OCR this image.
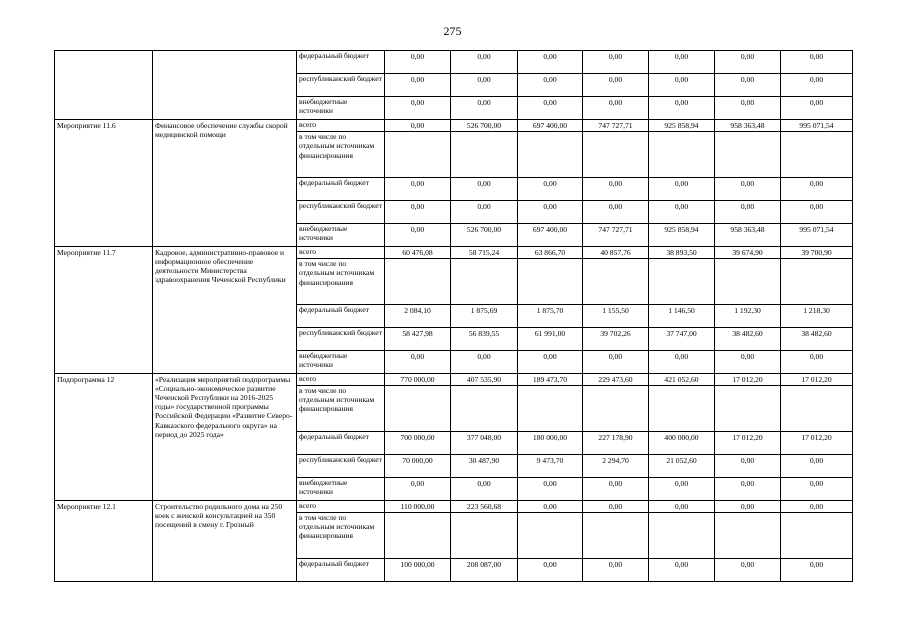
275
		федеральный бюджет	0,00	0,00	0,00	0,00	0,00	0,00	0,00
		республиканский бюджет	0,00	0,00	0,00	0,00	0,00	0,00	0,00
		внебюджетные источники	0,00	0,00	0,00	0,00	0,00	0,00	0,00
Мероприятие 11.6	Финансовое обеспечение службы скорой медицинской помощи	всего	0,00	526 700,00	697 400,00	747 727,71	925 858,94	958 363,48	995 071,54
		в том числе по отдельным источникам финансирования							
		федеральный бюджет	0,00	0,00	0,00	0,00	0,00	0,00	0,00
		республиканский бюджет	0,00	0,00	0,00	0,00	0,00	0,00	0,00
		внебюджетные источники	0,00	526 700,00	697 400,00	747 727,71	925 858,94	958 363,48	995 071,54
Мероприятие 11.7	Кадровое, административно-правовое и информационное обеспечение деятельности Министерства здравоохранения Чеченской Республики	всего	60 476,08	58 715,24	63 866,70	40 857,76	38 893,50	39 674,90	39 700,90
		в том числе по отдельным источникам финансирования							
		федеральный бюджет	2 084,10	1 875,69	1 875,70	1 155,50	1 146,50	1 192,30	1 218,30
		республиканский бюджет	58 427,98	56 839,55	61 991,00	39 702,26	37 747,00	38 482,60	38 482,60
		внебюджетные источники	0,00	0,00	0,00	0,00	0,00	0,00	0,00
Подпрограмма 12	«Реализация мероприятий подпрограммы «Социально-экономическое развитие Чеченской Республики на 2016-2025 годы» государственной программы Российской Федерации «Развитие Северо-Кавказского федерального округа» на период до 2025 года»	всего	770 000,00	407 535,90	189 473,70	229 473,60	421 052,60	17 012,20	17 012,20
		в том числе по отдельным источникам финансирования							
		федеральный бюджет	700 000,00	377 048,00	180 000,00	227 178,90	400 000,00	17 012,20	17 012,20
		республиканский бюджет	70 000,00	30 487,90	9 473,70	2 294,70	21 052,60	0,00	0,00
		внебюджетные источники	0,00	0,00	0,00	0,00	0,00	0,00	0,00
Мероприятие 12.1	Строительство родильного дома на 250 коек с женской консультацией на 350 посещений в смену г. Грозный	всего	110 000,00	223 560,68	0,00	0,00	0,00	0,00	0,00
		в том числе по отдельным источникам финансирования							
		федеральный бюджет	100 000,00	208 087,00	0,00	0,00	0,00	0,00	0,00
